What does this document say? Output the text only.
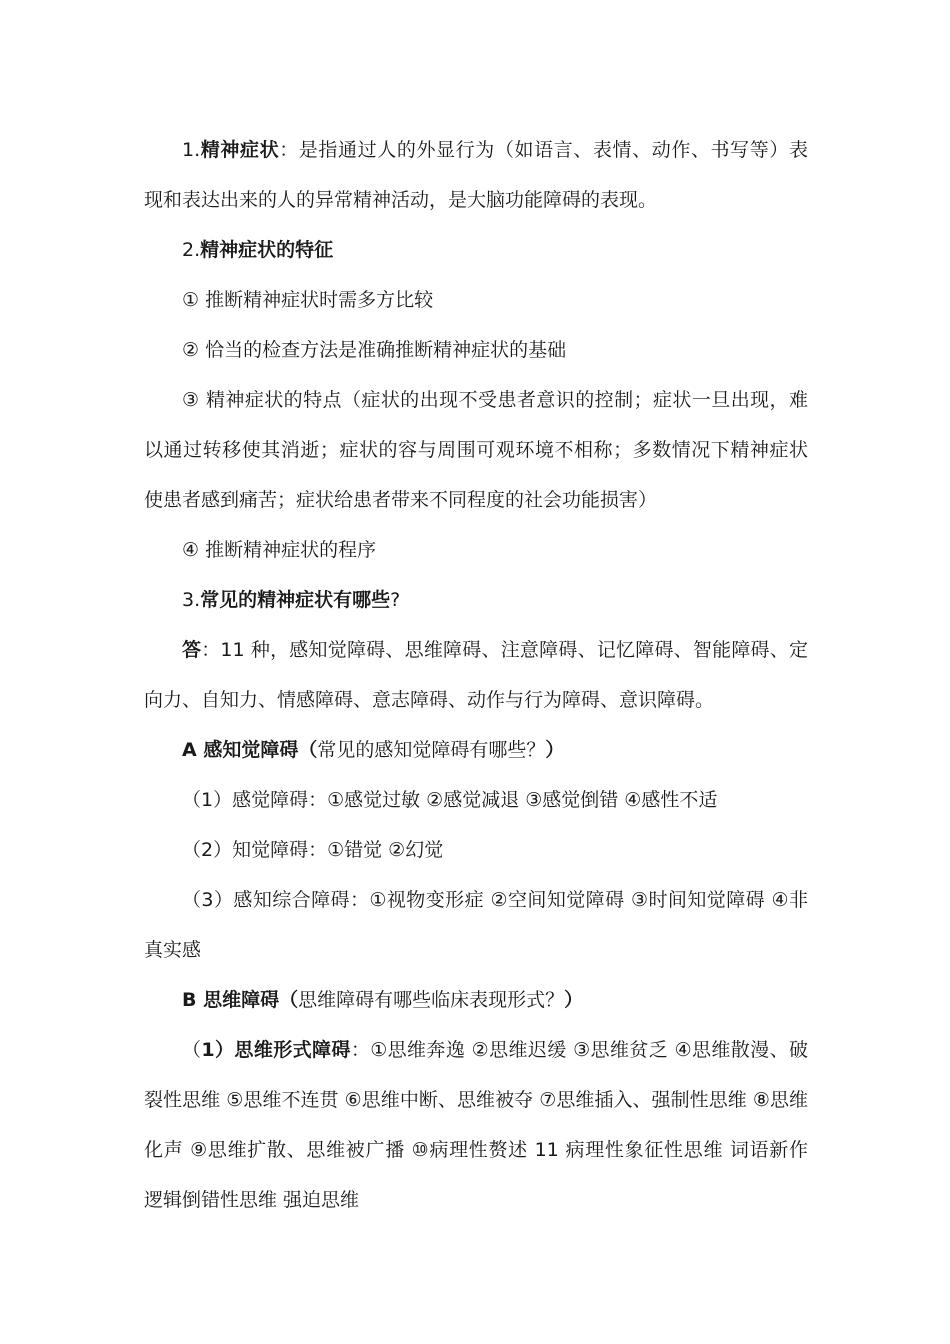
1.精神症状：是指通过人的外显行为（如语言、表情、动作、书写等）表现和表达出来的人的异常精神活动，是大脑功能障碍的表现。

2.精神症状的特征

① 推断精神症状时需多方比较

② 恰当的检查方法是准确推断精神症状的基础

③ 精神症状的特点（症状的出现不受患者意识的控制；症状一旦出现，难以通过转移使其消逝；症状的容与周围可观环境不相称；多数情况下精神症状使患者感到痛苦；症状给患者带来不同程度的社会功能损害）

④ 推断精神症状的程序

3.常见的精神症状有哪些?

答：11 种，感知觉障碍、思维障碍、注意障碍、记忆障碍、智能障碍、定向力、自知力、情感障碍、意志障碍、动作与行为障碍、意识障碍。

A 感知觉障碍（常见的感知觉障碍有哪些？）

（1）感觉障碍：①感觉过敏 ②感觉减退 ③感觉倒错 ④感性不适

（2）知觉障碍：①错觉 ②幻觉

（3）感知综合障碍：①视物变形症 ②空间知觉障碍 ③时间知觉障碍 ④非真实感

B 思维障碍（思维障碍有哪些临床表现形式？）

（1）思维形式障碍：①思维奔逸 ②思维迟缓 ③思维贫乏 ④思维散漫、破裂性思维 ⑤思维不连贯 ⑥思维中断、思维被夺 ⑦思维插入、强制性思维 ⑧思维化声 ⑨思维扩散、思维被广播 ⑩病理性赘述 11 病理性象征性思维 词语新作 逻辑倒错性思维 强迫思维
